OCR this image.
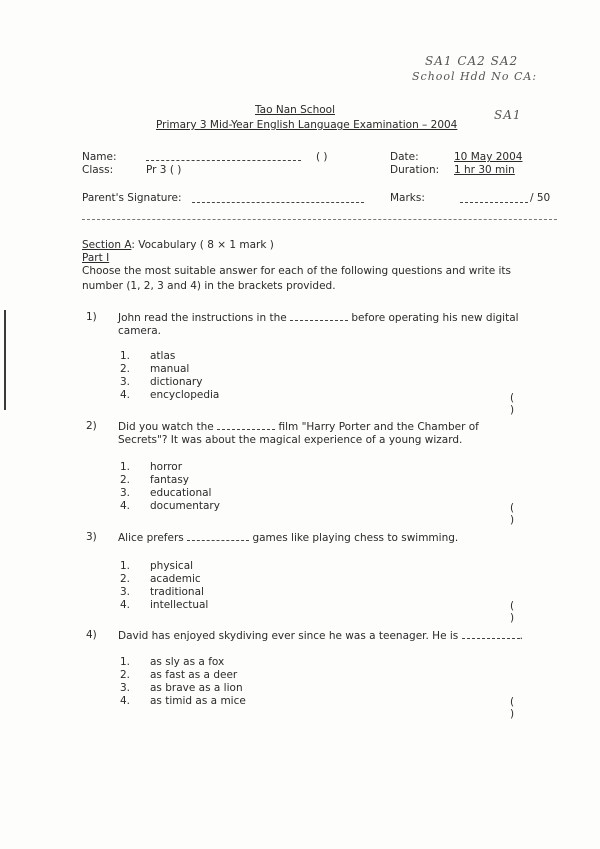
SA1 CA2 SA2
School Hdd No CA:
SA1
Tao Nan School
Primary 3 Mid-Year English Language Examination – 2004
Name:	( )
Class:	Pr 3 ( )
Date:	10 May 2004
Duration: 1 hr 30 min
Parent's Signature:	Marks:	/ 50
Section A: Vocabulary ( 8 × 1 mark )
Part I
Choose the most suitable answer for each of the following questions and write its
number (1, 2, 3 and 4) in the brackets provided.
1) John read the instructions in the	before operating his new digital
camera.
1. atlas
2. manual
3. dictionary
4. encyclopedia	( )
2) Did you watch the	film "Harry Porter and the Chamber of
Secrets"? It was about the magical experience of a young wizard.
1. horror
2. fantasy
3. educational
4. documentary	( )
3) Alice prefers	games like playing chess to swimming.
1. physical
2. academic
3. traditional
4. intellectual	( )
4) David has enjoyed skydiving ever since he was a teenager. He is	.
1. as sly as a fox
2. as fast as a deer
3. as brave as a lion
4. as timid as a mice	( )
